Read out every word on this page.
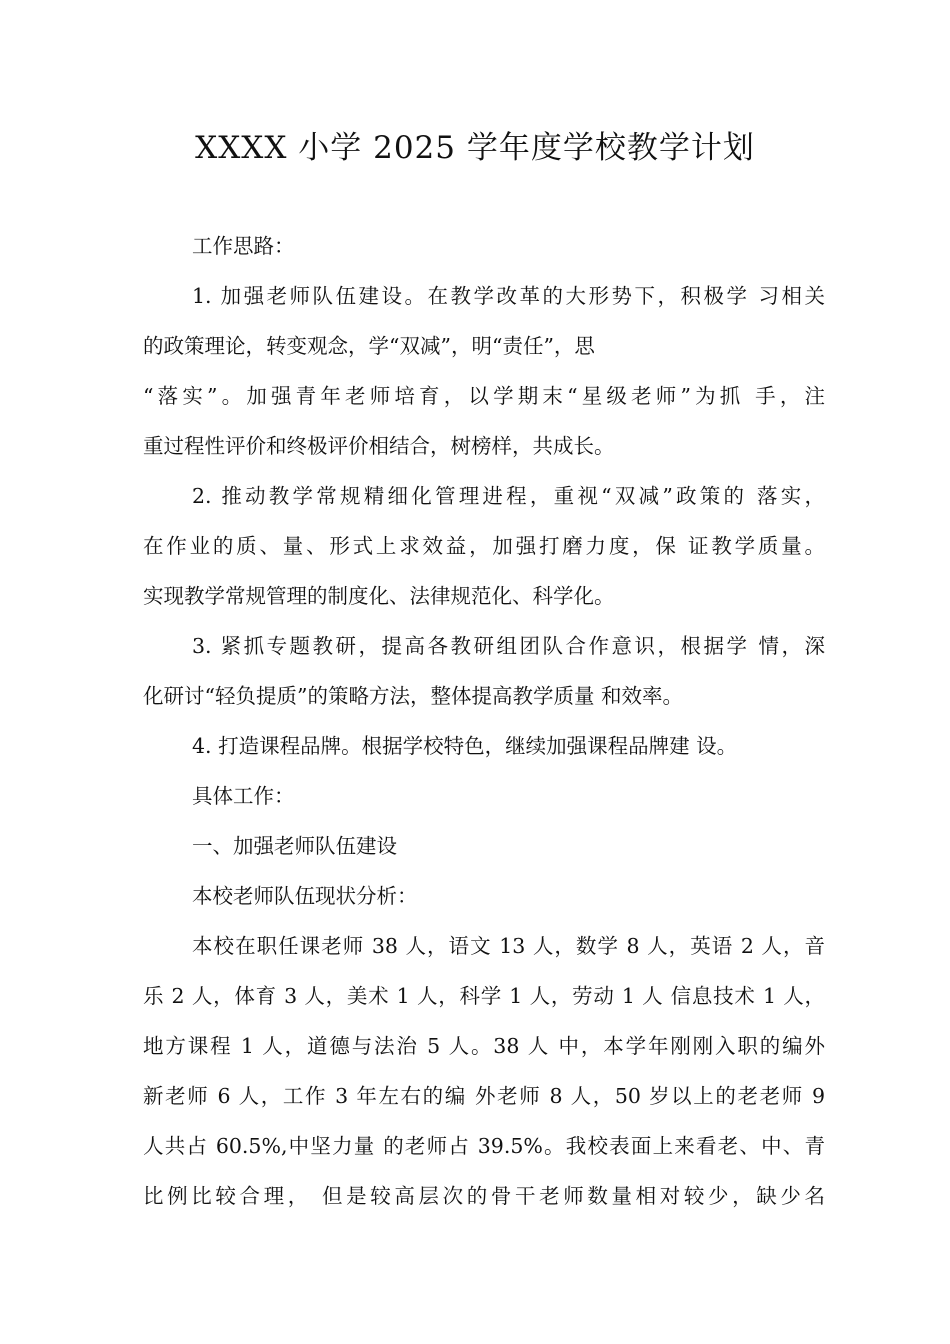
XXXX 小学 2025 学年度学校教学计划

工作思路：

1. 加强老师队伍建设。在教学改革的大形势下，积极学 习相关
的政策理论，转变观念，学“双减”，明“责任”，思
“落实”。加强青年老师培育，以学期末“星级老师”为抓 手，注
重过程性评价和终极评价相结合，树榜样，共成长。

2. 推动教学常规精细化管理进程，重视“双减”政策的 落实，
在作业的质、量、形式上求效益，加强打磨力度，保 证教学质量。
实现教学常规管理的制度化、法律规范化、科学化。

3. 紧抓专题教研，提高各教研组团队合作意识，根据学 情，深
化研讨“轻负提质”的策略方法，整体提高教学质量 和效率。

4. 打造课程品牌。根据学校特色，继续加强课程品牌建 设。

具体工作：

一、加强老师队伍建设

本校老师队伍现状分析：

本校在职任课老师 38 人，语文 13 人，数学 8 人，英语 2 人，音
乐 2 人，体育 3 人，美术 1 人，科学 1 人，劳动 1 人 信息技术 1 人，
地方课程 1 人，道德与法治 5 人。38 人 中，本学年刚刚入职的编外
新老师 6 人，工作 3 年左右的编 外老师 8 人，50 岁以上的老老师 9
人共占 60.5%,中坚力量 的老师占 39.5%。我校表面上来看老、中、青
比例比较合理， 但是较高层次的骨干老师数量相对较少，缺少名
